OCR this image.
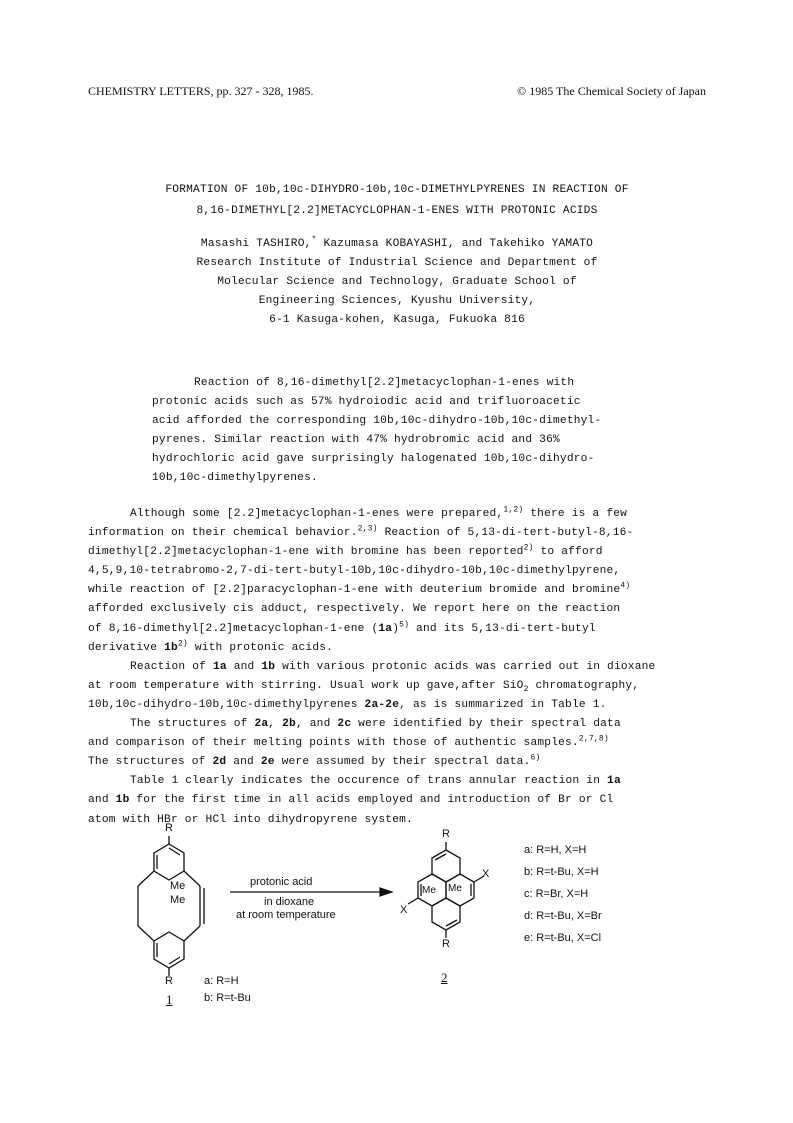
CHEMISTRY LETTERS, pp. 327 - 328, 1985.	© 1985 The Chemical Society of Japan
FORMATION OF 10b,10c-DIHYDRO-10b,10c-DIMETHYLPYRENES IN REACTION OF
8,16-DIMETHYL[2.2]METACYCLOPHAN-1-ENES WITH PROTONIC ACIDS
Masashi TASHIRO,* Kazumasa KOBAYASHI, and Takehiko YAMATO
Research Institute of Industrial Science and Department of
Molecular Science and Technology, Graduate School of
Engineering Sciences, Kyushu University,
6-1 Kasuga-kohen, Kasuga, Fukuoka 816
Reaction of 8,16-dimethyl[2.2]metacyclophan-1-enes with
protonic acids such as 57% hydroiodic acid and trifluoroacetic
acid afforded the corresponding 10b,10c-dihydro-10b,10c-dimethyl-
pyrenes. Similar reaction with 47% hydrobromic acid and 36%
hydrochloric acid gave surprisingly halogenated 10b,10c-dihydro-
10b,10c-dimethylpyrenes.
Although some [2.2]metacyclophan-1-enes were prepared,$^{1,2)}$ there is a few
information on their chemical behavior.$^{2,3)}$ Reaction of 5,13-di-tert-butyl-8,16-
dimethyl[2.2]metacyclophan-1-ene with bromine has been reported$^{2)}$ to afford
4,5,9,10-tetrabromo-2,7-di-tert-butyl-10b,10c-dihydro-10b,10c-dimethylpyrene,
while reaction of [2.2]paracyclophan-1-ene with deuterium bromide and bromine$^{4)}$
afforded exclusively cis adduct, respectively. We report here on the reaction
of 8,16-dimethyl[2.2]metacyclophan-1-ene $(1a)^{5)}$ and its 5,13-di-tert-butyl
derivative $1b^{2)}$ with protonic acids.
Reaction of 1a and 1b with various protonic acids was carried out in dioxane
at room temperature with stirring. Usual work up gave,after SiO$_2$ chromatography,
10b,10c-dihydro-10b,10c-dimethylpyrenes 2a-2e, as is summarized in Table 1.
The structures of 2a, 2b, and 2c were identified by their spectral data
and comparison of their melting points with those of authentic samples.$^{2,7,8)}$
The structures of 2d and 2e were assumed by their spectral data.$^{6)}$
Table 1 clearly indicates the occurence of trans annular reaction in 1a
and 1b for the first time in all acids employed and introduction of Br or Cl
atom with HBr or HCl into dihydropyrene system.
R
Me
Me
R
1
a: R=H
b: R=t-Bu
protonic acid
in dioxane
at room temperature
R
R
X
X
Me Me
2
a: R=H, X=H
b: R=t-Bu, X=H
c: R=Br, X=H
d: R=t-Bu, X=Br
e: R=t-Bu, X=Cl
